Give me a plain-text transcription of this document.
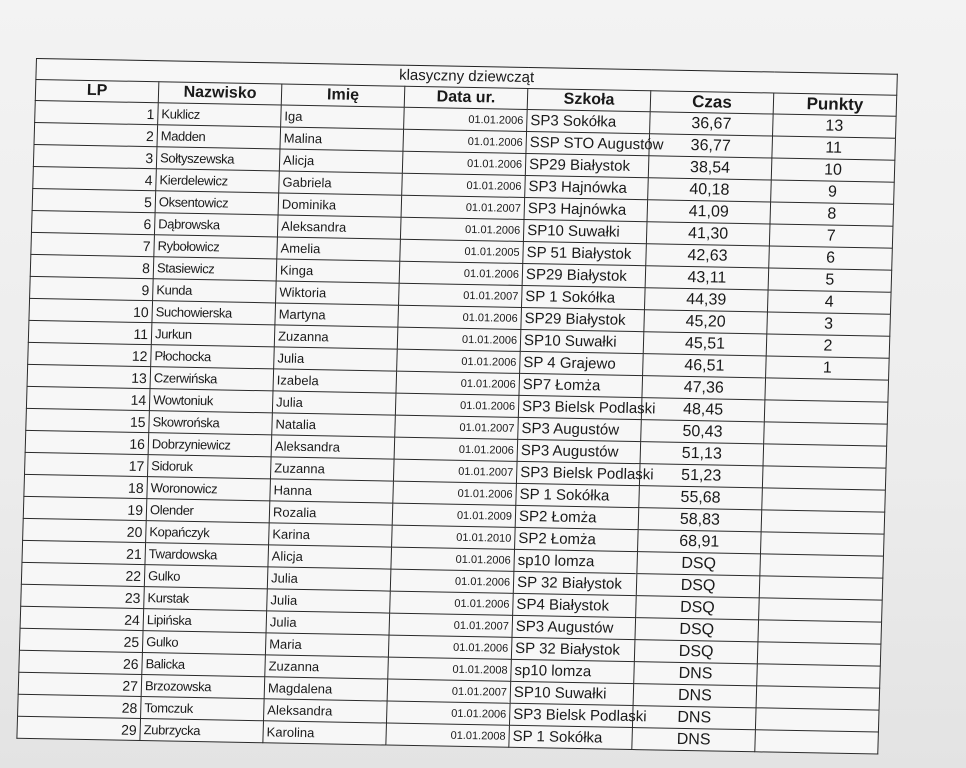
klasyczny dziewcząt						
LP	Nazwisko	Imię	Data ur.	Szkoła	Czas	Punkty
1	Kuklicz	Iga	01.01.2006	SP3 Sokółka	36,67	13
2	Madden	Malina	01.01.2006	SSP STO Augustów	36,77	11
3	Sołtyszewska	Alicja	01.01.2006	SP29 Białystok	38,54	10
4	Kierdelewicz	Gabriela	01.01.2006	SP3 Hajnówka	40,18	9
5	Oksentowicz	Dominika	01.01.2007	SP3 Hajnówka	41,09	8
6	Dąbrowska	Aleksandra	01.01.2006	SP10 Suwałki	41,30	7
7	Rybołowicz	Amelia	01.01.2005	SP 51 Białystok	42,63	6
8	Stasiewicz	Kinga	01.01.2006	SP29 Białystok	43,11	5
9	Kunda	Wiktoria	01.01.2007	SP 1 Sokółka	44,39	4
10	Suchowierska	Martyna	01.01.2006	SP29 Białystok	45,20	3
11	Jurkun	Zuzanna	01.01.2006	SP10 Suwałki	45,51	2
12	Płochocka	Julia	01.01.2006	SP 4 Grajewo	46,51	1
13	Czerwińska	Izabela	01.01.2006	SP7 Łomża	47,36	
14	Wowtoniuk	Julia	01.01.2006	SP3 Bielsk Podlaski	48,45	
15	Skowrońska	Natalia	01.01.2007	SP3 Augustów	50,43	
16	Dobrzyniewicz	Aleksandra	01.01.2006	SP3 Augustów	51,13	
17	Sidoruk	Zuzanna	01.01.2007	SP3 Bielsk Podlaski	51,23	
18	Woronowicz	Hanna	01.01.2006	SP 1 Sokółka	55,68	
19	Olender	Rozalia	01.01.2009	SP2 Łomża	58,83	
20	Kopańczyk	Karina	01.01.2010	SP2 Łomża	68,91	
21	Twardowska	Alicja	01.01.2006	sp10 lomza	DSQ	
22	Gulko	Julia	01.01.2006	SP 32 Białystok	DSQ	
23	Kurstak	Julia	01.01.2006	SP4 Białystok	DSQ	
24	Lipińska	Julia	01.01.2007	SP3 Augustów	DSQ	
25	Gulko	Maria	01.01.2006	SP 32 Białystok	DSQ	
26	Balicka	Zuzanna	01.01.2008	sp10 lomza	DNS	
27	Brzozowska	Magdalena	01.01.2007	SP10 Suwałki	DNS	
28	Tomczuk	Aleksandra	01.01.2006	SP3 Bielsk Podlaski	DNS	
29	Zubrzycka	Karolina	01.01.2008	SP 1 Sokółka	DNS	
